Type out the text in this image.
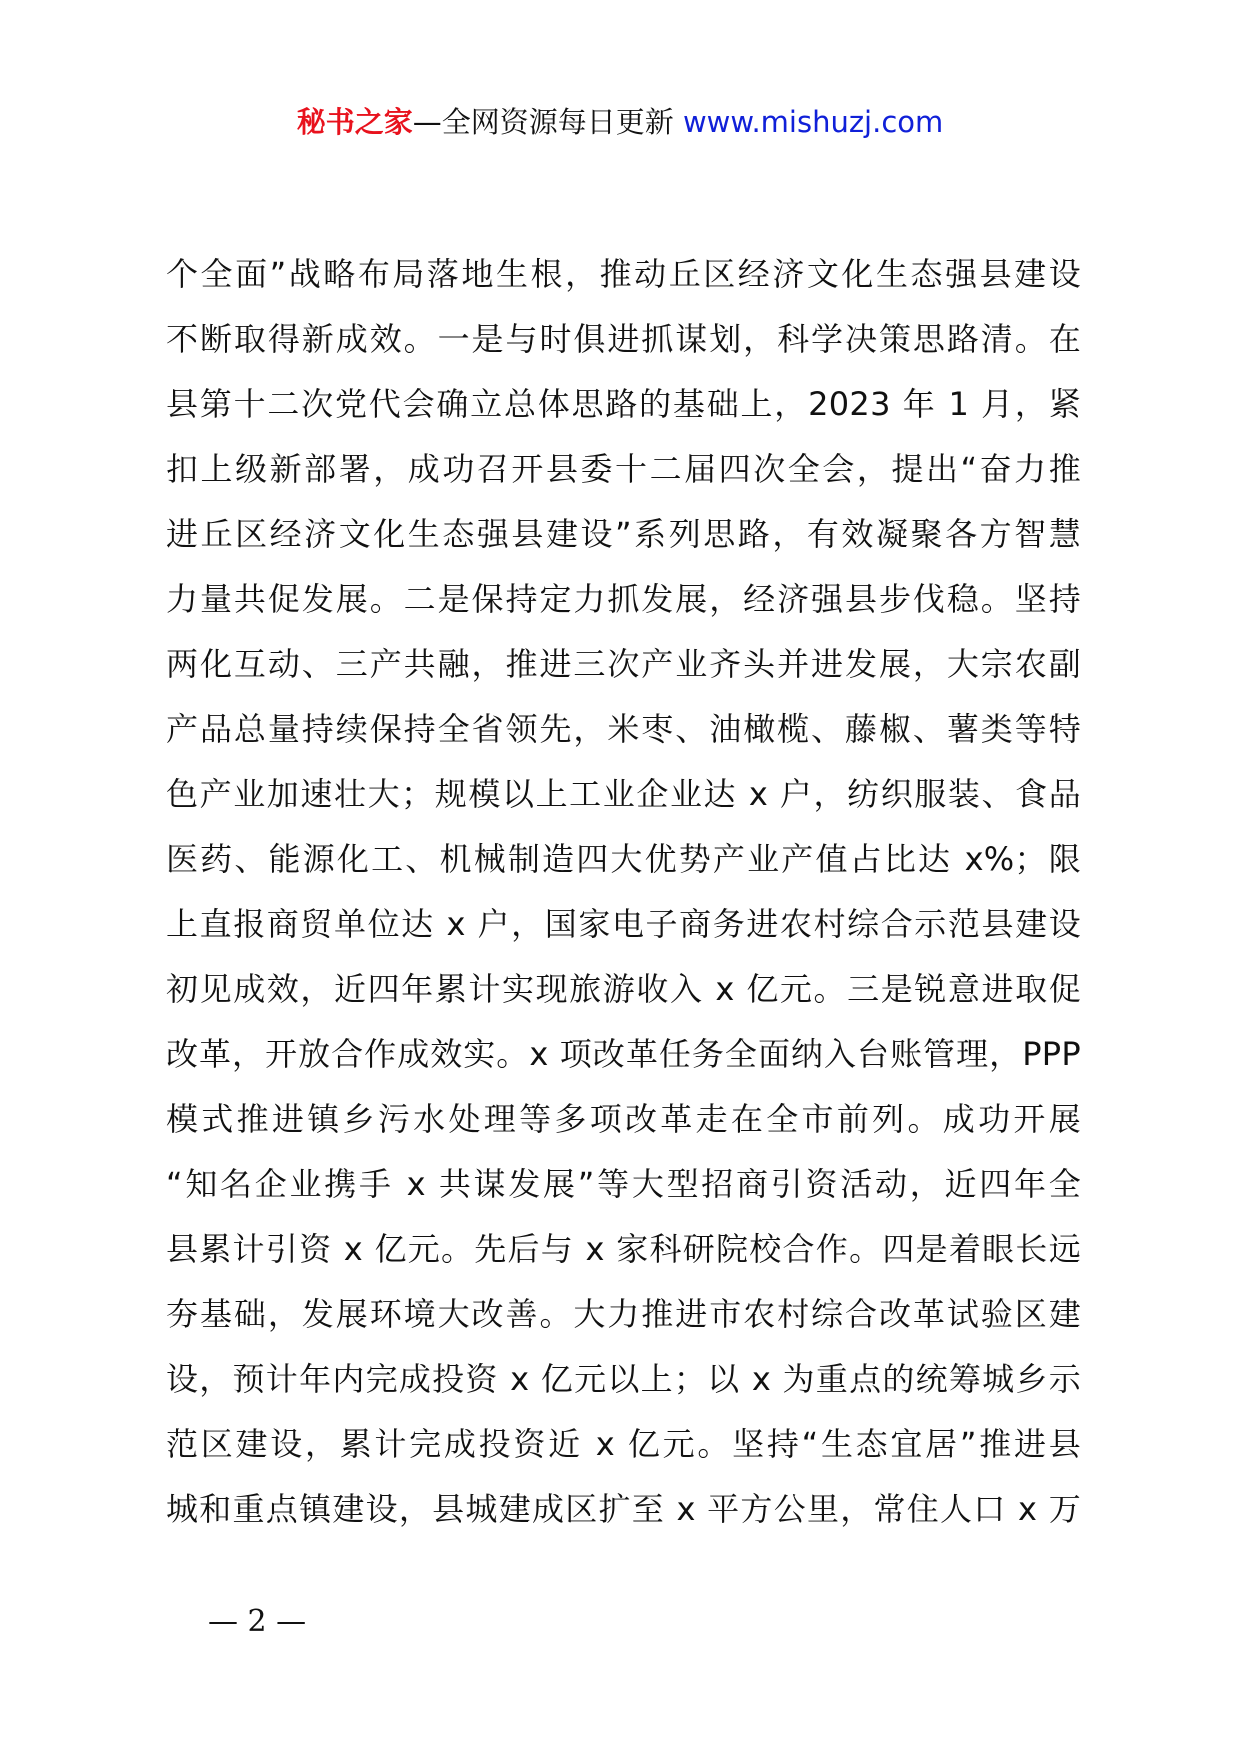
秘书之家—全网资源每日更新 www.mishuzj.com
个全面”战略布局落地生根，推动丘区经济文化生态强县建设
不断取得新成效。一是与时俱进抓谋划，科学决策思路清。在
县第十二次党代会确立总体思路的基础上，2023 年 1 月，紧
扣上级新部署，成功召开县委十二届四次全会，提出“奋力推
进丘区经济文化生态强县建设”系列思路，有效凝聚各方智慧
力量共促发展。二是保持定力抓发展，经济强县步伐稳。坚持
两化互动、三产共融，推进三次产业齐头并进发展，大宗农副
产品总量持续保持全省领先，米枣、油橄榄、藤椒、薯类等特
色产业加速壮大；规模以上工业企业达 x 户，纺织服装、食品
医药、能源化工、机械制造四大优势产业产值占比达 x%；限
上直报商贸单位达 x 户，国家电子商务进农村综合示范县建设
初见成效，近四年累计实现旅游收入 x 亿元。三是锐意进取促
改革，开放合作成效实。x 项改革任务全面纳入台账管理，PPP
模式推进镇乡污水处理等多项改革走在全市前列。成功开展
“知名企业携手 x 共谋发展”等大型招商引资活动，近四年全
县累计引资 x 亿元。先后与 x 家科研院校合作。四是着眼长远
夯基础，发展环境大改善。大力推进市农村综合改革试验区建
设，预计年内完成投资 x 亿元以上；以 x 为重点的统筹城乡示
范区建设，累计完成投资近 x 亿元。坚持“生态宜居”推进县
城和重点镇建设，县城建成区扩至 x 平方公里，常住人口 x 万
— 2 —
